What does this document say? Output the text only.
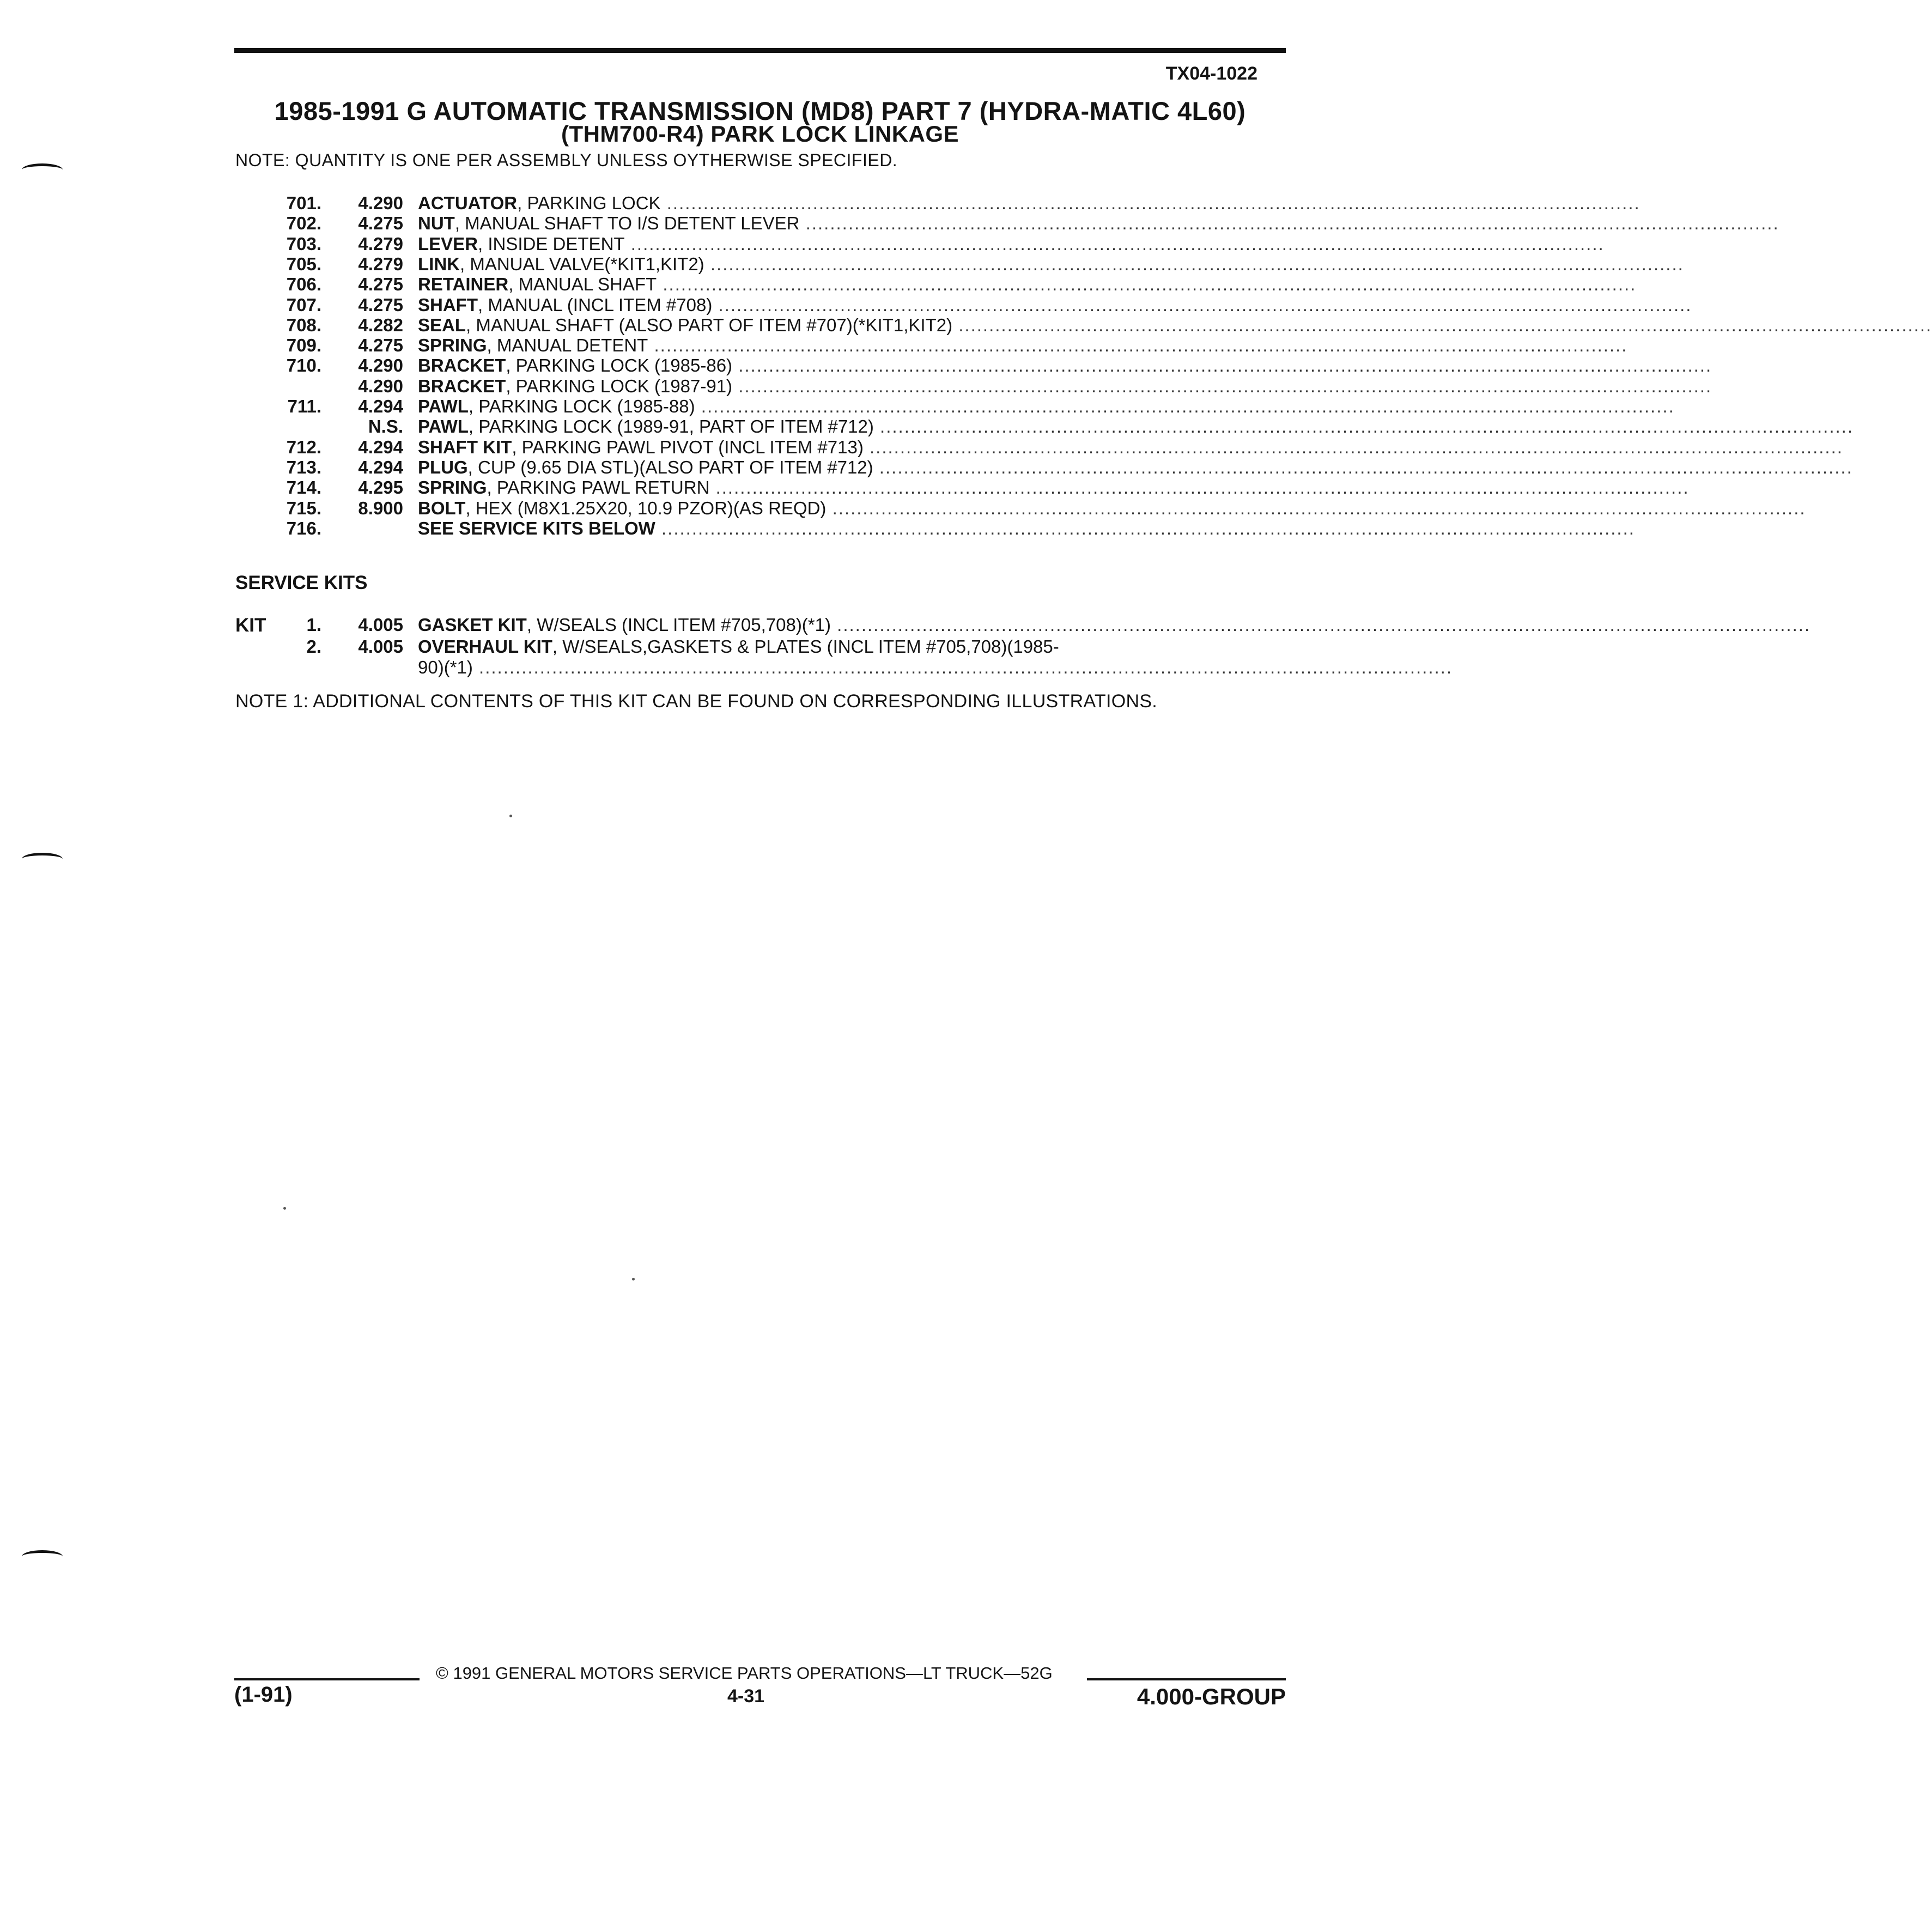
TX04-1022
1985-1991 G AUTOMATIC TRANSMISSION (MD8) PART 7 (HYDRA-MATIC 4L60)
(THM700-R4) PARK LOCK LINKAGE
NOTE: QUANTITY IS ONE PER ASSEMBLY UNLESS OYTHERWISE SPECIFIED.
701.	4.290 ACTUATOR, PARKING LOCK ................................................................................................................................................................
702.	4.275 NUT, MANUAL SHAFT TO I/S DETENT LEVER ................................................................................................................................................................
703.	4.279 LEVER, INSIDE DETENT ................................................................................................................................................................
705.	4.279 LINK, MANUAL VALVE(*KIT1,KIT2) ................................................................................................................................................................
706.	4.275 RETAINER, MANUAL SHAFT ................................................................................................................................................................
707.	4.275 SHAFT, MANUAL (INCL ITEM #708) ................................................................................................................................................................
708.	4.282 SEAL, MANUAL SHAFT (ALSO PART OF ITEM #707)(*KIT1,KIT2) ................................................................................................................................................................
709.	4.275 SPRING, MANUAL DETENT ................................................................................................................................................................
710.	4.290 BRACKET, PARKING LOCK (1985-86) ................................................................................................................................................................
4.290 BRACKET, PARKING LOCK (1987-91) ................................................................................................................................................................
711.	4.294 PAWL, PARKING LOCK (1985-88) ................................................................................................................................................................
N.S. PAWL, PARKING LOCK (1989-91, PART OF ITEM #712) ................................................................................................................................................................
712.	4.294 SHAFT KIT, PARKING PAWL PIVOT (INCL ITEM #713) ................................................................................................................................................................
713.	4.294 PLUG, CUP (9.65 DIA STL)(ALSO PART OF ITEM #712) ................................................................................................................................................................
714.	4.295 SPRING, PARKING PAWL RETURN ................................................................................................................................................................
715.	8.900 BOLT, HEX (M8X1.25X20, 10.9 PZOR)(AS REQD) ................................................................................................................................................................
716.	SEE SERVICE KITS BELOW ................................................................................................................................................................
SERVICE KITS
KIT	1.	4.005 GASKET KIT, W/SEALS (INCL ITEM #705,708)(*1) ................................................................................................................................................................
2.	4.005 OVERHAUL KIT, W/SEALS,GASKETS & PLATES (INCL ITEM #705,708)(1985-
90)(*1) ................................................................................................................................................................
NOTE 1: ADDITIONAL CONTENTS OF THIS KIT CAN BE FOUND ON CORRESPONDING ILLUSTRATIONS.
© 1991 GENERAL MOTORS SERVICE PARTS OPERATIONS—LT TRUCK—52G
(1-91)	4-31	4.000-GROUP
